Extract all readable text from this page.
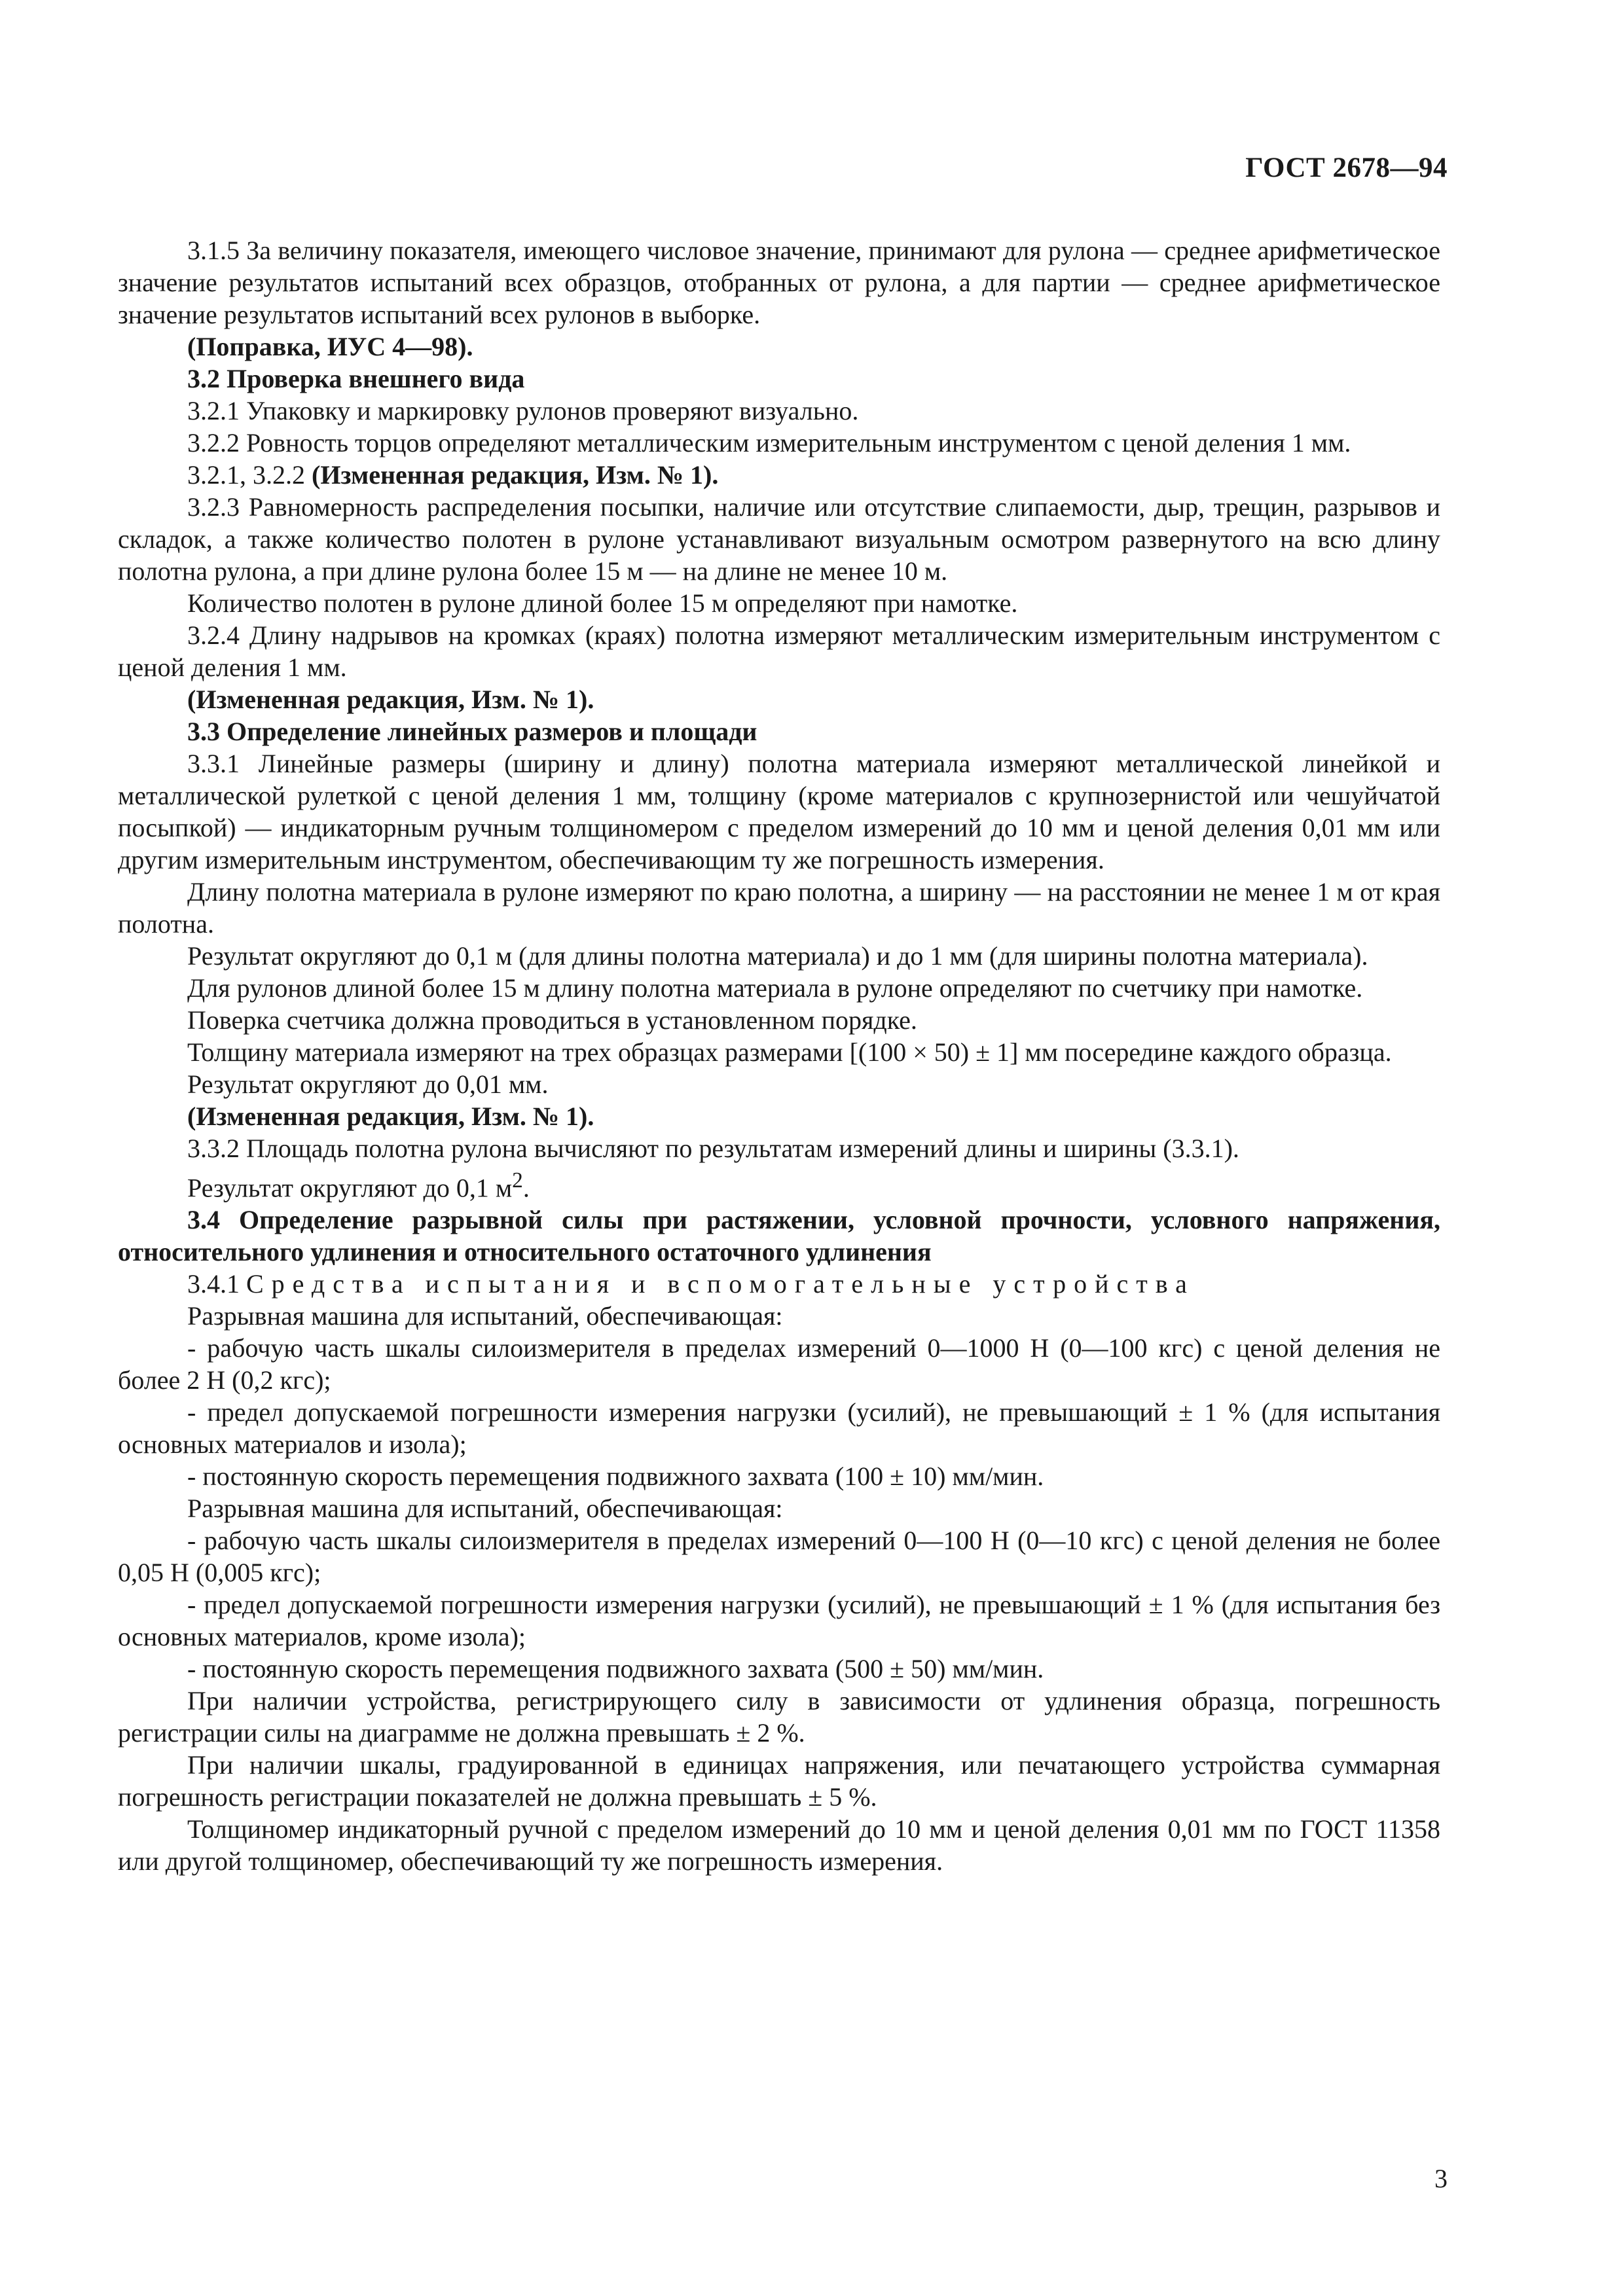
ГОСТ 2678—94

3.1.5 За величину показателя, имеющего числовое значение, принимают для рулона — среднее арифметическое значение результатов испытаний всех образцов, отобранных от рулона, а для партии — среднее арифметическое значение результатов испытаний всех рулонов в выборке.

(Поправка, ИУС 4—98).

3.2 Проверка внешнего вида

3.2.1 Упаковку и маркировку рулонов проверяют визуально.

3.2.2 Ровность торцов определяют металлическим измерительным инструментом с ценой деления 1 мм.

3.2.1, 3.2.2 (Измененная редакция, Изм. № 1).

3.2.3 Равномерность распределения посыпки, наличие или отсутствие слипаемости, дыр, трещин, разрывов и складок, а также количество полотен в рулоне устанавливают визуальным осмотром развернутого на всю длину полотна рулона, а при длине рулона более 15 м — на длине не менее 10 м.

Количество полотен в рулоне длиной более 15 м определяют при намотке.

3.2.4 Длину надрывов на кромках (краях) полотна измеряют металлическим измерительным инструментом с ценой деления 1 мм.

(Измененная редакция, Изм. № 1).

3.3 Определение линейных размеров и площади

3.3.1 Линейные размеры (ширину и длину) полотна материала измеряют металлической линейкой и металлической рулеткой с ценой деления 1 мм, толщину (кроме материалов с крупнозернистой или чешуйчатой посыпкой) — индикаторным ручным толщиномером с пределом измерений до 10 мм и ценой деления 0,01 мм или другим измерительным инструментом, обеспечивающим ту же погрешность измерения.

Длину полотна материала в рулоне измеряют по краю полотна, а ширину — на расстоянии не менее 1 м от края полотна.

Результат округляют до 0,1 м (для длины полотна материала) и до 1 мм (для ширины полотна материала).

Для рулонов длиной более 15 м длину полотна материала в рулоне определяют по счетчику при намотке.

Поверка счетчика должна проводиться в установленном порядке.

Толщину материала измеряют на трех образцах размерами [(100 × 50) ± 1] мм посередине каждого образца.

Результат округляют до 0,01 мм.

(Измененная редакция, Изм. № 1).

3.3.2 Площадь полотна рулона вычисляют по результатам измерений длины и ширины (3.3.1).

Результат округляют до 0,1 $м^2$.

3.4 Определение разрывной силы при растяжении, условной прочности, условного напряжения, относительного удлинения и относительного остаточного удлинения

3.4.1 Средства испытания и вспомогательные устройства

Разрывная машина для испытаний, обеспечивающая:

- рабочую часть шкалы силоизмерителя в пределах измерений 0—1000 Н (0—100 кгс) с ценой деления не более 2 Н (0,2 кгс);

- предел допускаемой погрешности измерения нагрузки (усилий), не превышающий ± 1 % (для испытания основных материалов и изола);

- постоянную скорость перемещения подвижного захвата (100 ± 10) мм/мин.

Разрывная машина для испытаний, обеспечивающая:

- рабочую часть шкалы силоизмерителя в пределах измерений 0—100 Н (0—10 кгс) с ценой деления не более 0,05 Н (0,005 кгс);

- предел допускаемой погрешности измерения нагрузки (усилий), не превышающий ± 1 % (для испытания без основных материалов, кроме изола);

- постоянную скорость перемещения подвижного захвата (500 ± 50) мм/мин.

При наличии устройства, регистрирующего силу в зависимости от удлинения образца, погрешность регистрации силы на диаграмме не должна превышать ± 2 %.

При наличии шкалы, градуированной в единицах напряжения, или печатающего устройства суммарная погрешность регистрации показателей не должна превышать ± 5 %.

Толщиномер индикаторный ручной с пределом измерений до 10 мм и ценой деления 0,01 мм по ГОСТ 11358 или другой толщиномер, обеспечивающий ту же погрешность измерения.

3
